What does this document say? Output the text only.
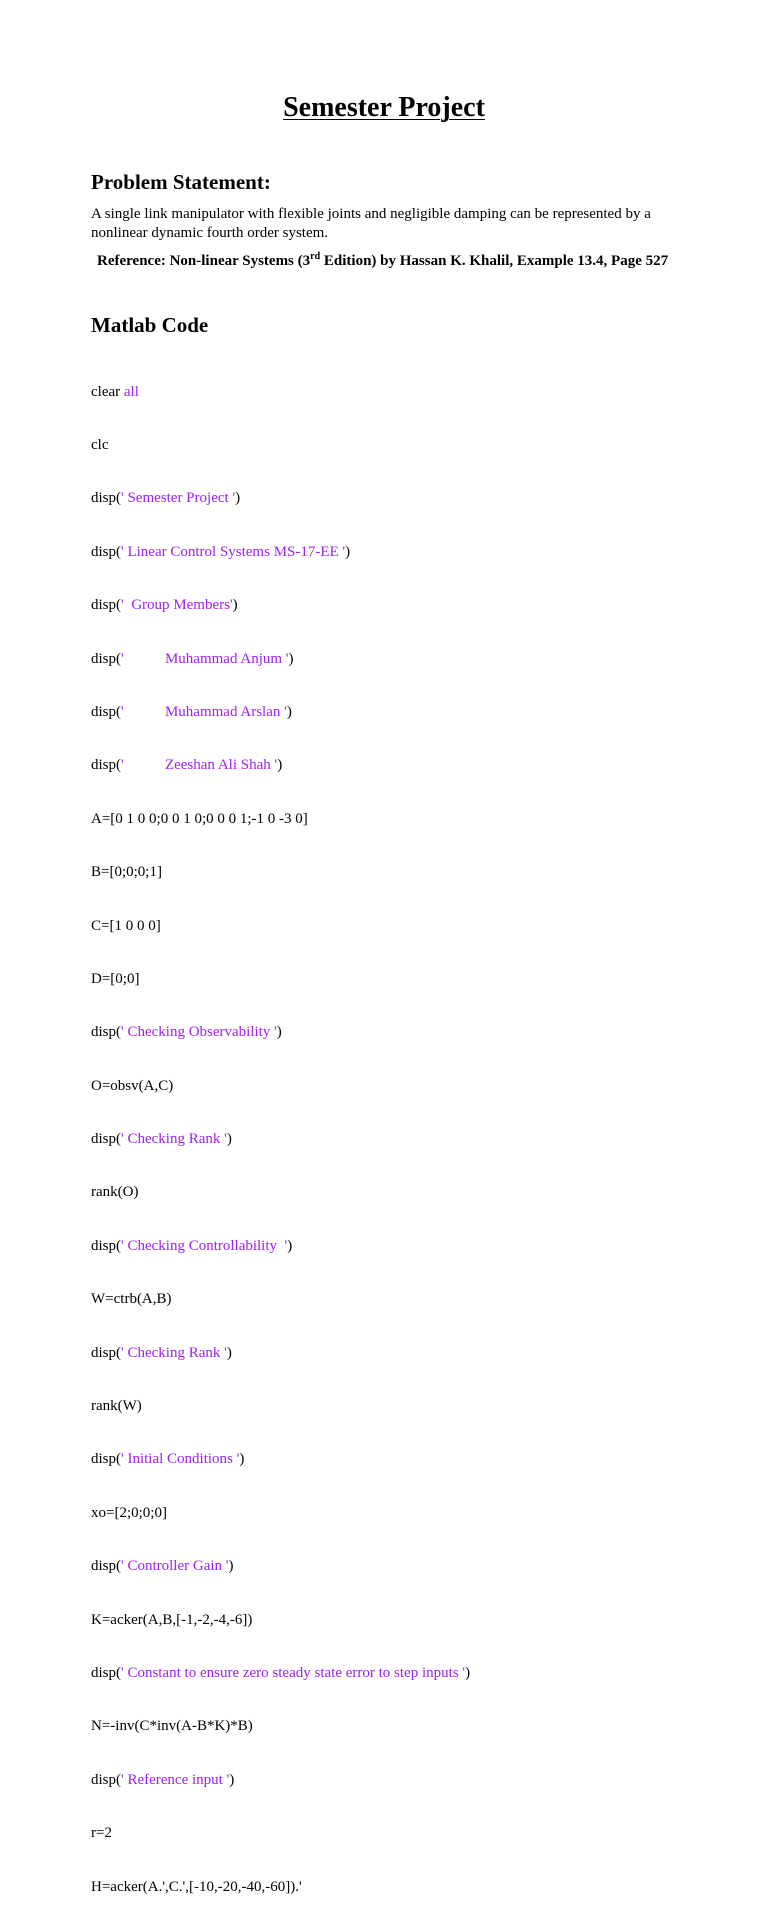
Semester Project
Problem Statement:
A single link manipulator with flexible joints and negligible damping can be represented by a nonlinear dynamic fourth order system.
Reference: Non-linear Systems (3rd Edition) by Hassan K. Khalil, Example 13.4, Page 527
Matlab Code

clear all

clc

disp(' Semester Project ')

disp(' Linear Control Systems MS-17-EE ')

disp('  Group Members')

disp('           Muhammad Anjum ')

disp('           Muhammad Arslan ')

disp('           Zeeshan Ali Shah ')

A=[0 1 0 0;0 0 1 0;0 0 0 1;-1 0 -3 0]

B=[0;0;0;1]

C=[1 0 0 0]

D=[0;0]

disp(' Checking Observability ')

O=obsv(A,C)

disp(' Checking Rank ')

rank(O)

disp(' Checking Controllability  ')

W=ctrb(A,B)

disp(' Checking Rank ')

rank(W)

disp(' Initial Conditions ')

xo=[2;0;0;0]

disp(' Controller Gain ')

K=acker(A,B,[-1,-2,-4,-6])

disp(' Constant to ensure zero steady state error to step inputs ')

N=-inv(C*inv(A-B*K)*B)

disp(' Reference input ')

r=2

H=acker(A.',C.',[-10,-20,-40,-60]).'
